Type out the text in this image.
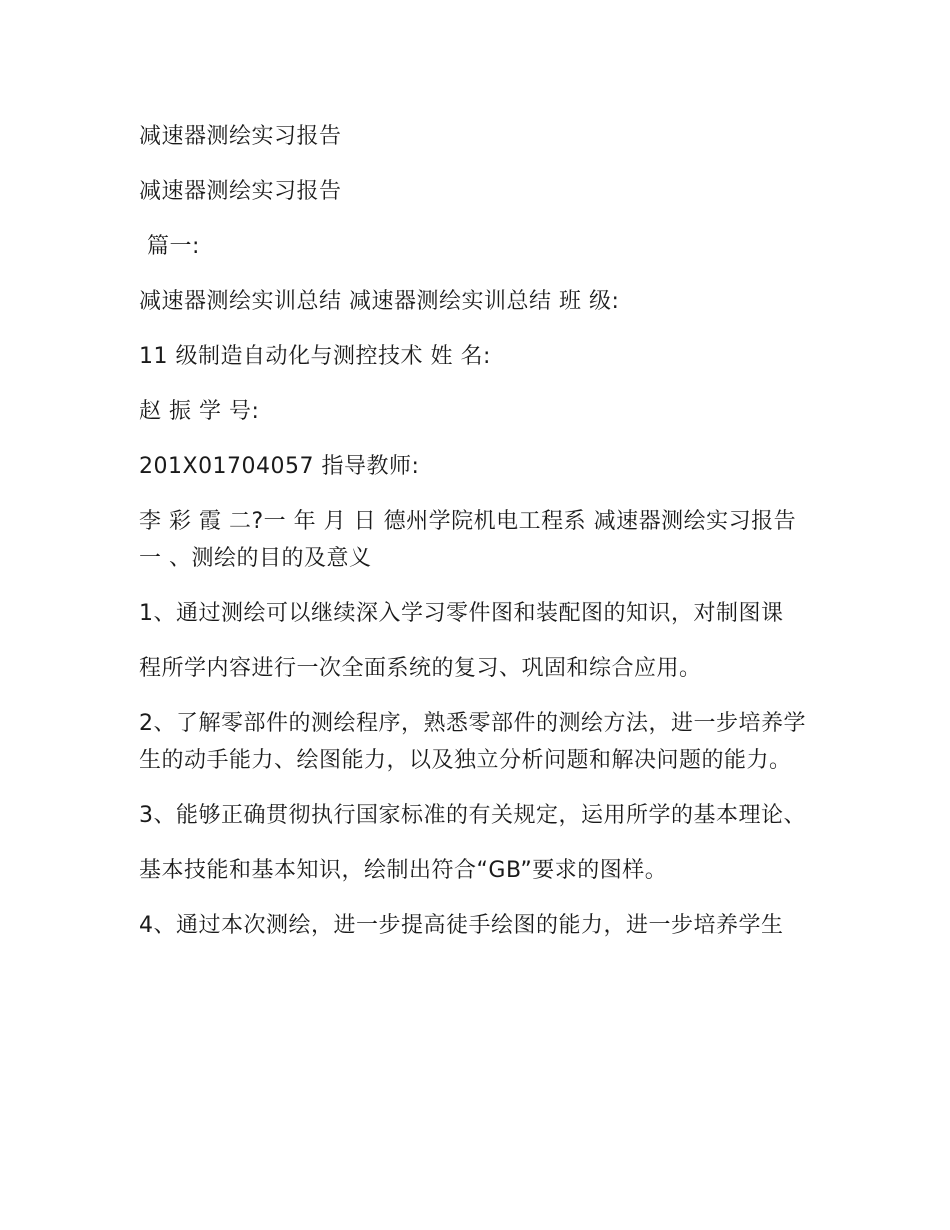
减速器测绘实习报告

减速器测绘实习报告

篇一:

减速器测绘实训总结 减速器测绘实训总结 班 级:

11 级制造自动化与测控技术 姓 名:

赵 振 学 号:

201X01704057 指导教师:

李 彩 霞 二?一 年 月 日 德州学院机电工程系 减速器测绘实习报告 一 、测绘的目的及意义

1、通过测绘可以继续深入学习零件图和装配图的知识，对制图课

程所学内容进行一次全面系统的复习、巩固和综合应用。

2、了解零部件的测绘程序，熟悉零部件的测绘方法，进一步培养学生的动手能力、绘图能力，以及独立分析问题和解决问题的能力。

3、能够正确贯彻执行国家标准的有关规定，运用所学的基本理论、

基本技能和基本知识，绘制出符合“GB”要求的图样。

4、通过本次测绘，进一步提高徒手绘图的能力，进一步培养学生
